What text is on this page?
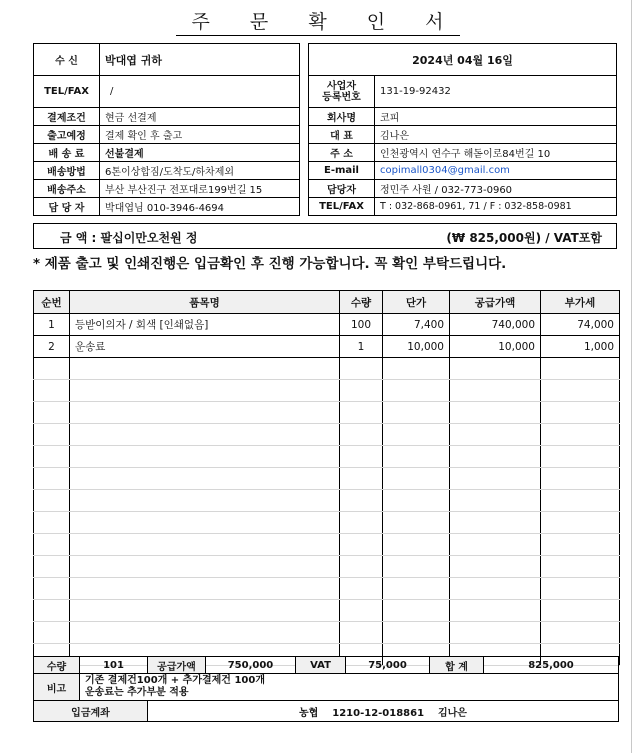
주 문 확 인 서
수 신	박대엽 귀하
TEL/FAX	/
결제조건	현금 선결제
출고예정	결제 확인 후 출고
배 송 료	선불결제
배송방법	6톤이상합짐/도착도/하차제외
배송주소	부산 부산진구 전포대로199번길 15
담 당 자	박대엽님 010-3946-4694
2024년 04월 16일	
사업자
등록번호	131-19-92432
회사명	코피
대 표	김나은
주 소	인천광역시 연수구 해돋이로84번길 10
E-mail	copimall0304@gmail.com
담당자	정민주 사원 / 032-773-0960
TEL/FAX	T : 032-868-0961, 71 / F : 032-858-0981
금 액 : 팔십이만오천원 정	(₩ 825,000원) / VAT포함
* 제품 출고 및 인쇄진행은 입금확인 후 진행 가능합니다. 꼭 확인 부탁드립니다.
순번	품목명	수량	단가	공급가액	부가세
1	등받이의자 / 회색 [인쇄없음]	100	7,400	740,000	74,000
2	운송료	1	10,000	10,000	1,000

수량	101	공급가액	750,000	VAT	75,000	합 계	825,000
비고	기존 결제건100개 + 추가결제건 100개
운송료는 추가부분 적용						

입금계좌		농협    1210-12-018861    김나은					
